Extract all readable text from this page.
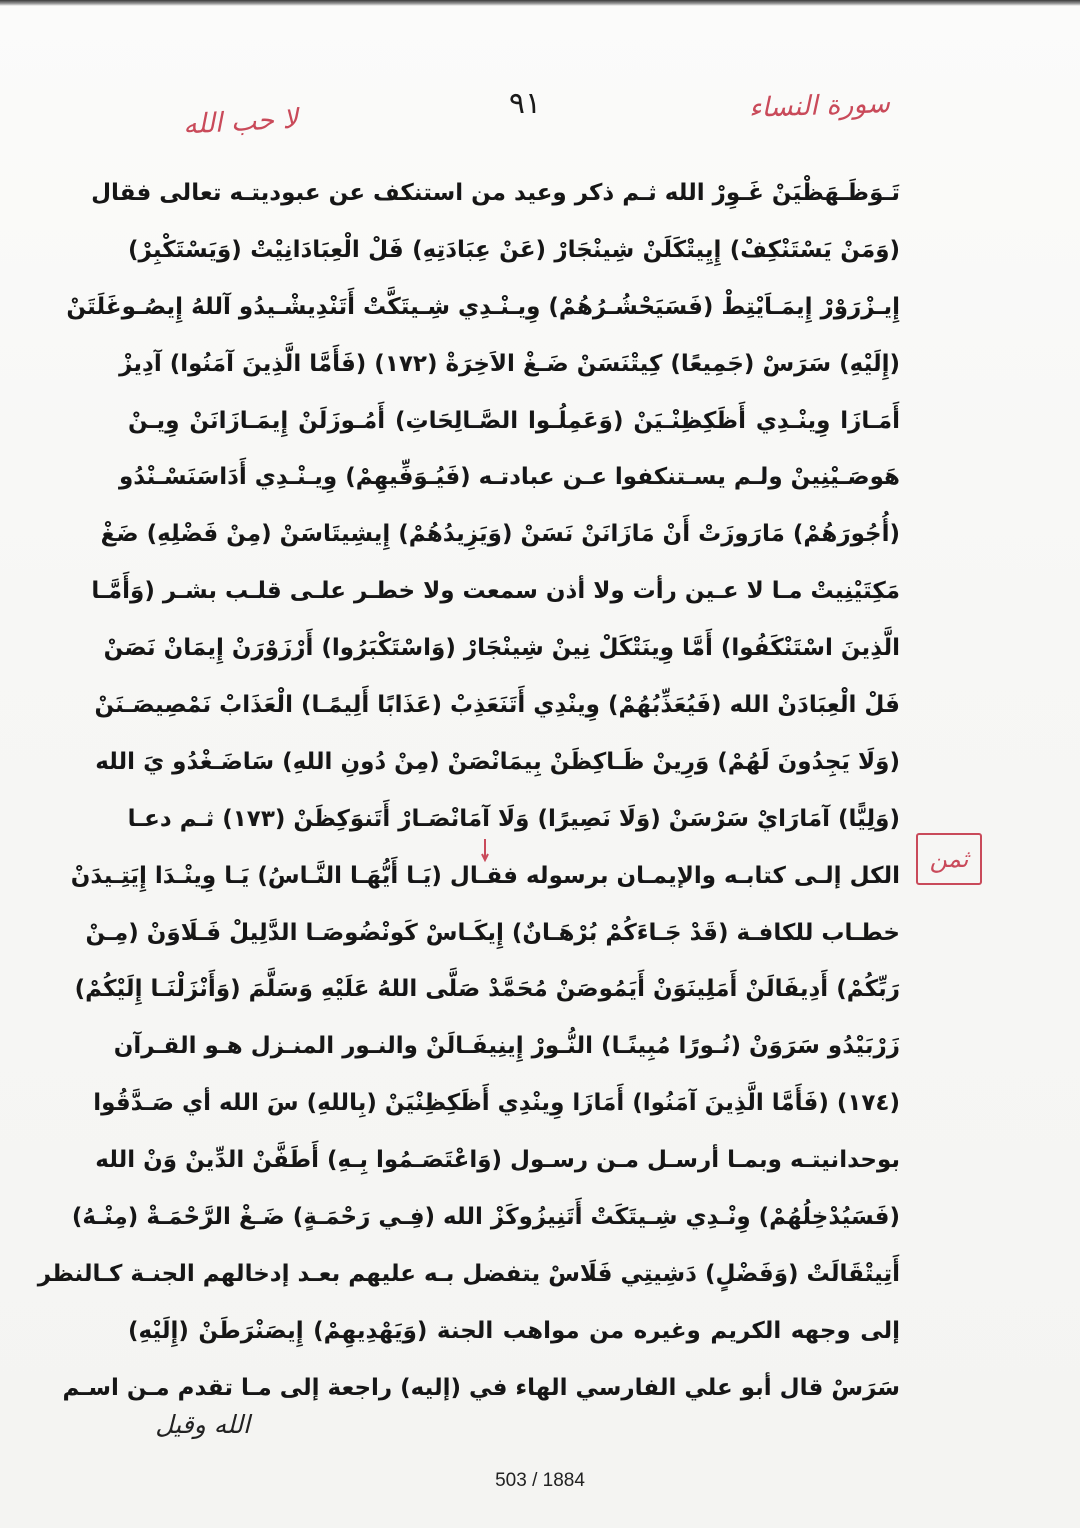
سورة النساء
٩١
لا حب الله
تَـوَظَـهَظْيَنْ غَـوِرْ الله ثـم ذكر وعيد من استنكف عن عبوديتـه تعالى فقال
(وَمَنْ يَسْتَنْكِفْ) إِيِيتْكَلَنْ شِينْجَارْ (عَنْ عِبَادَتِهِ) فَلْ الْعِبَادَانِيْتْ (وَيَسْتَكْبِرْ)
إِيـزْرَوْرْ إِيمَـاَيْتِطْ (فَسَيَحْشُـرُهُمْ) وِيـنْـدِي شِـيتَكَّتْ أَتَنْدِيشْـيدُو آللهُ إِيصُـوغَلَتَنْ
(إِلَيْهِ) سَرَسْ (جَمِيعًا) كِيتْنَسَنْ ضَـغْ الاَخِرَةْ (١٧٢) (فَأَمَّا الَّذِينَ آمَنُوا) آدِيزْ
أَمَـازَا وِينْـدِي أَظَكِظِنْـيَنْ (وَعَمِلُـوا الصَّـالِحَاتِ) أَمُـوزَلَنْ إِيمَـازَانَنْ وِيـنْ
هَوصَـيْنِينْ ولـم يسـتنكفوا عـن عبادتـه (فَيُـوَفِّيهِمْ) وِيـنْـدِي أَدَاسَنَسْـنْدُو
(أُجُورَهُمْ) مَارَوزَتْ أَنْ مَازَانَنْ نَسَنْ (وَيَزِيدُهُمْ) إِيشِيتَاسَنْ (مِنْ فَضْلِهِ) ضَغْ
مَكِتَيْنِيتْ مـا لا عـين رأت ولا أذن سمعت ولا خطـر علـى قلـب بشـر (وَأَمَّـا
الَّذِينَ اسْتَنْكَفُوا) أَمَّا وِينَتْكَلْ نِينْ شِينْجَارْ (وَاسْتَكْبَرُوا) أَرْزَوْرَنْ إِيمَانْ نَصَنْ
فَلْ الْعِبَادَنْ الله (فَيُعَذِّبُهُمْ) وِينْدِي أَتَنَعَذِبْ (عَذَابًا أَلِيمًـا) الْعَذَابْ نَمْصِيصَـنَنْ
(وَلَا يَجِدُونَ لَهُمْ) وَرِينْ ظَـاكِظَنْ بِيمَانْصَنْ (مِنْ دُونِ اللهِ) سَاضَـغْدُو يَ الله
(وَلِيًّا) آمَارَايْ سَرْسَنْ (وَلَا نَصِيرًا) وَلَا آمَانْصَـارْ أَتَنوَكِظَنْ (١٧٣) ثـم دعـا
الكل إلـى كتابـه والإيمـان برسوله فقـال (يَـا أَيُّهَـا النَّـاسُ) يَـا وِينْـدَا إِيَتِـيدَنْ
خطـاب للكافـة (قَدْ جَـاءَكُمْ بُرْهَـانٌ) إِيكَـاسْ كَونْضُوصَـا الدَّلِيلْ فَـلَاوَنْ (مِـنْ
رَبِّكُمْ) أَدِيفَالَنْ أَمَلِينَوَنْ أَيَمُوصَنْ مُحَمَّدْ صَلَّى اللهُ عَلَيْهِ وَسَلَّمَ (وَأَنْزَلْنَـا إِلَيْكُمْ)
زَرْبَيْدُو سَرَوَنْ (نُـورًا مُبِينًـا) النُّـورْ إِينِيفَـالَنْ والنـور المنـزل هـو القـرآن
(١٧٤) (فَأَمَّا الَّذِينَ آمَنُوا) أَمَازَا وِينْدِي أَظَكِظِنْيَنْ (بِاللهِ) سَ الله أي صَـدَّقُوا
بوحدانيتـه وبمـا أرسـل مـن رسـول (وَاعْتَصَـمُوا بِـهِ) أَطَفَّنْ الدِّينْ وَنْ الله
(فَسَيُدْخِلُهُمْ) وِنْـدِي شِـيتَكَتْ أَتَنِيزُوكَزْ الله (فِـي رَحْمَـةٍ) ضَـغْ الرَّحْمَـةْ (مِنْـهُ)
أَتِيتْقَالَتْ (وَفَضْلٍ) دَشِيتِي فَلَاسْ يتفضل بـه عليهم بعـد إدخالهم الجنـة كـالنظر
إلى وجهه الكريم وغيره من مواهب الجنة (وَيَهْدِيهِمْ) إِيصَنْرَطَنْ (إِلَيْهِ)
سَرَسْ قال أبو علي الفارسي الهاء في (إليه) راجعة إلى مـا تقدم مـن اسـم
ثمن
الله وقيل
503 / 1884
